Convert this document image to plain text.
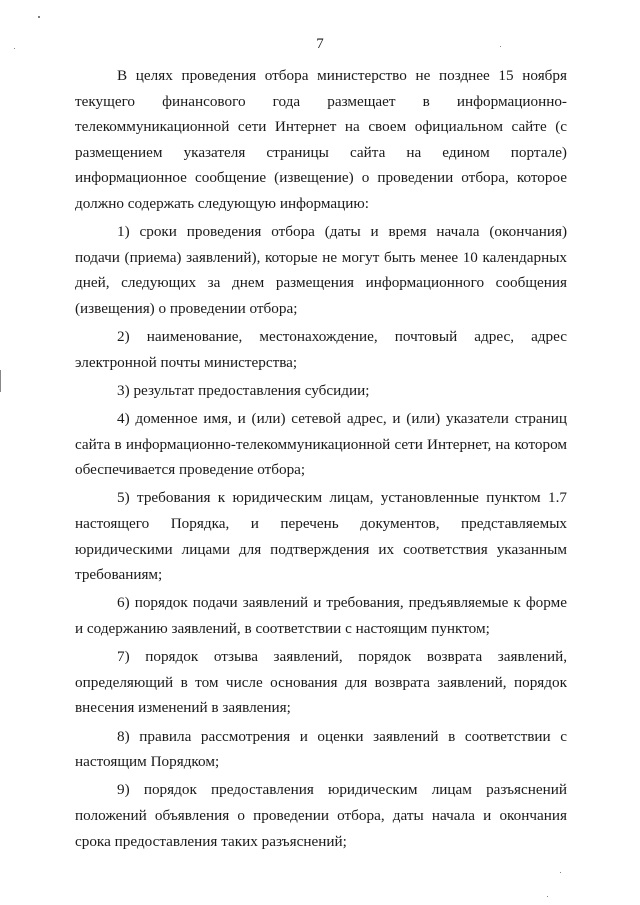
7

В целях проведения отбора министерство не позднее 15 ноября текущего финансового года размещает в информационно-телекоммуникационной сети Интернет на своем официальном сайте (с размещением указателя страницы сайта на едином портале) информационное сообщение (извещение) о проведении отбора, которое должно содержать следующую информацию:

1) сроки проведения отбора (даты и время начала (окончания) подачи (приема) заявлений), которые не могут быть менее 10 календарных дней, следующих за днем размещения информационного сообщения (извещения) о проведении отбора;

2) наименование, местонахождение, почтовый адрес, адрес электронной почты министерства;

3) результат предоставления субсидии;

4) доменное имя, и (или) сетевой адрес, и (или) указатели страниц сайта в информационно-телекоммуникационной сети Интернет, на котором обеспечивается проведение отбора;

5) требования к юридическим лицам, установленные пунктом 1.7 настоящего Порядка, и перечень документов, представляемых юридическими лицами для подтверждения их соответствия указанным требованиям;

6) порядок подачи заявлений и требования, предъявляемые к форме и содержанию заявлений, в соответствии с настоящим пунктом;

7) порядок отзыва заявлений, порядок возврата заявлений, определяющий в том числе основания для возврата заявлений, порядок внесения изменений в заявления;

8) правила рассмотрения и оценки заявлений в соответствии с настоящим Порядком;

9) порядок предоставления юридическим лицам разъяснений положений объявления о проведении отбора, даты начала и окончания срока предоставления таких разъяснений;
